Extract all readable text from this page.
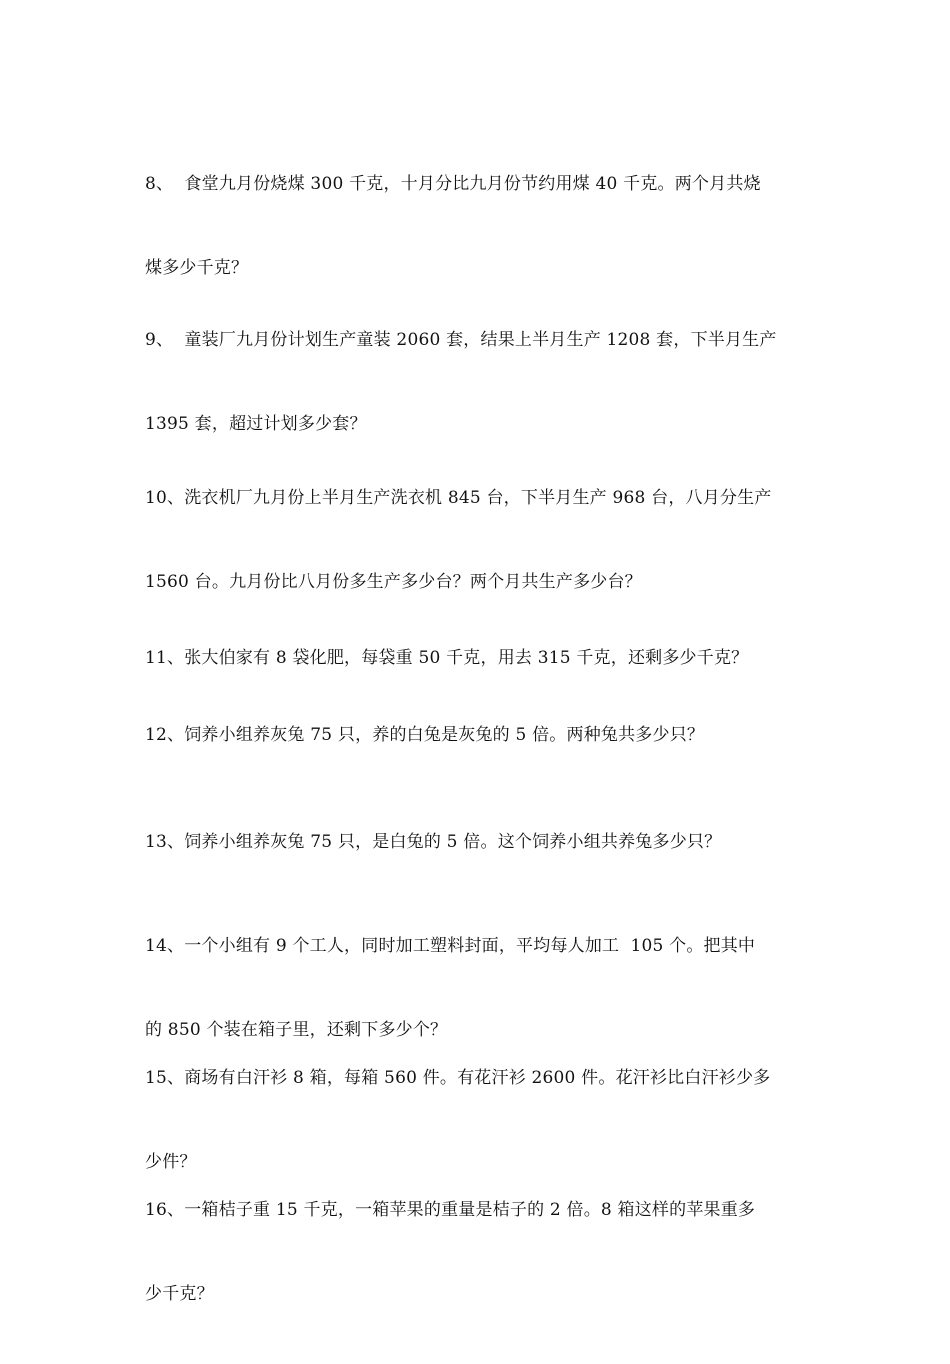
8、  食堂九月份烧煤 300 千克，十月分比九月份节约用煤 40 千克。两个月共烧

煤多少千克？

9、  童装厂九月份计划生产童装 2060 套，结果上半月生产 1208 套，下半月生产

1395 套，超过计划多少套？

10、洗衣机厂九月份上半月生产洗衣机 845 台，下半月生产 968 台，八月分生产

1560 台。九月份比八月份多生产多少台？两个月共生产多少台？

11、张大伯家有 8 袋化肥，每袋重 50 千克，用去 315 千克，还剩多少千克？

12、饲养小组养灰兔 75 只，养的白兔是灰兔的 5 倍。两种兔共多少只？

13、饲养小组养灰兔 75 只，是白兔的 5 倍。这个饲养小组共养兔多少只？

14、一个小组有 9 个工人，同时加工塑料封面，平均每人加工  105 个。把其中

的 850 个装在箱子里，还剩下多少个？

15、商场有白汗衫 8 箱，每箱 560 件。有花汗衫 2600 件。花汗衫比白汗衫少多

少件？

16、一箱桔子重 15 千克，一箱苹果的重量是桔子的 2 倍。8 箱这样的苹果重多

少千克？
